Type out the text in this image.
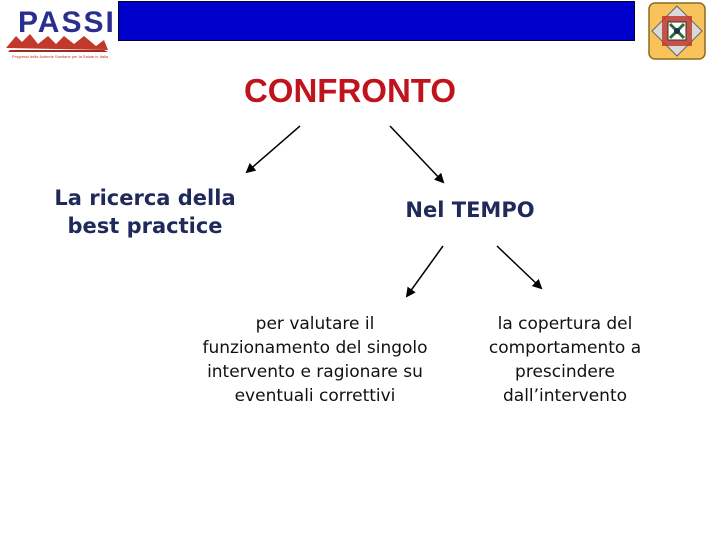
PASSI
Progressi delle Aziende Sanitarie per la Salute in Italia
CONFRONTO
La ricerca della
best practice
Nel TEMPO
per valutare il
funzionamento del singolo
intervento e ragionare su
eventuali correttivi
la copertura del
comportamento a
prescindere
dall’intervento
